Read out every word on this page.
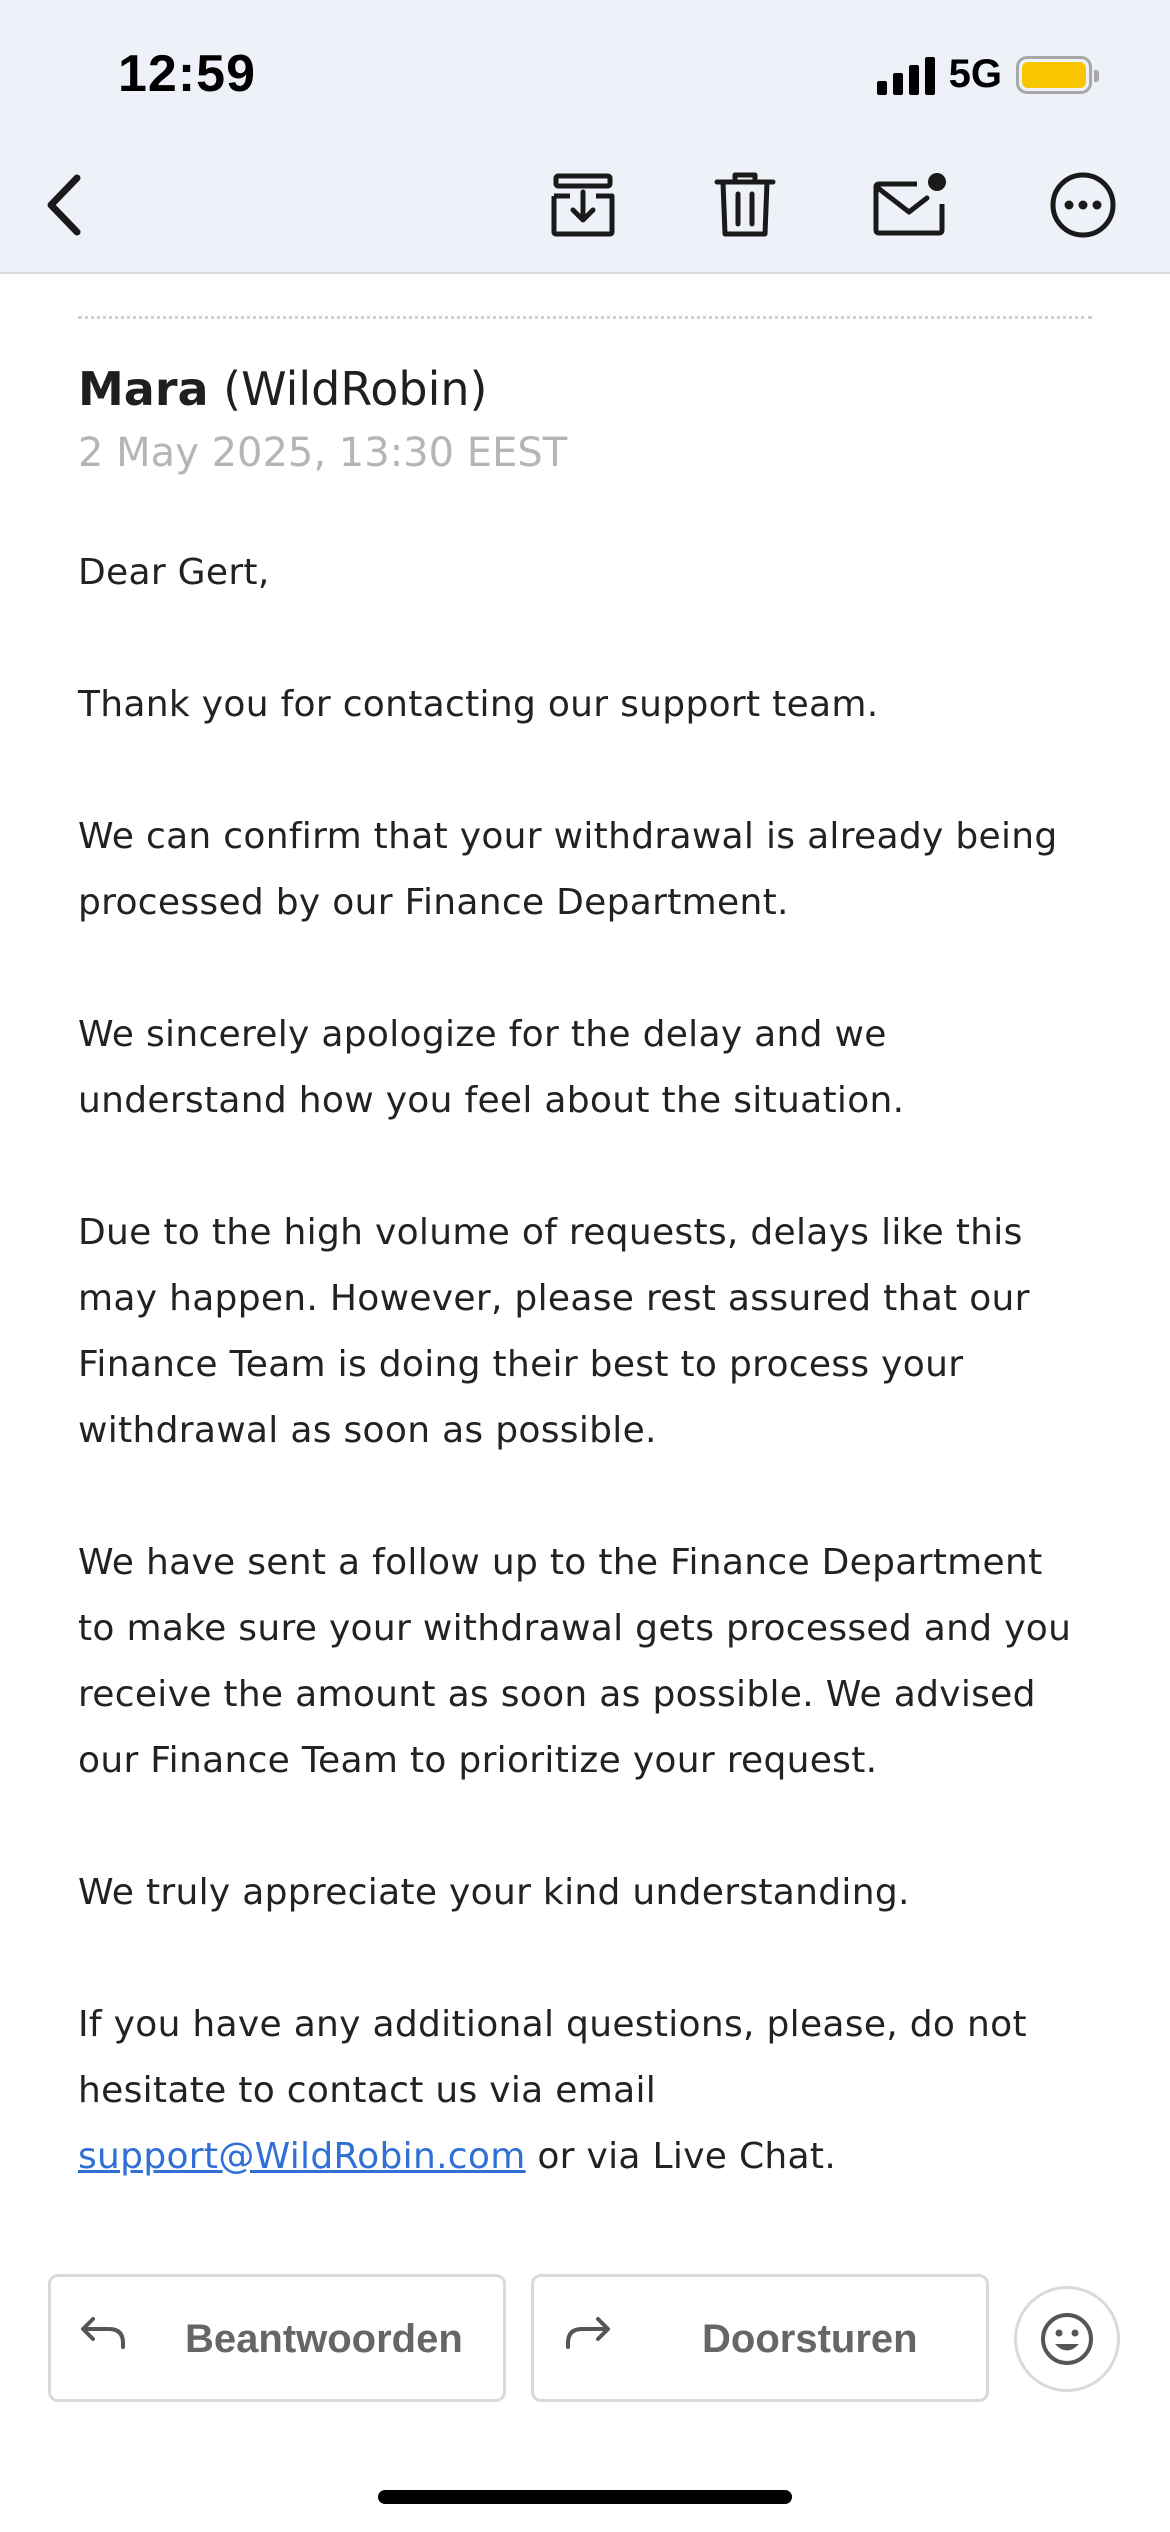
12:59	5G
Mara (WildRobin)
2 May 2025, 13:30 EEST

Dear Gert,

Thank you for contacting our support team.

We can confirm that your withdrawal is already being
processed by our Finance Department.

We sincerely apologize for the delay and we
understand how you feel about the situation.

Due to the high volume of requests, delays like this
may happen. However, please rest assured that our
Finance Team is doing their best to process your
withdrawal as soon as possible.

We have sent a follow up to the Finance Department
to make sure your withdrawal gets processed and you
receive the amount as soon as possible. We advised
our Finance Team to prioritize your request.

We truly appreciate your kind understanding.

If you have any additional questions, please, do not
hesitate to contact us via email
support@WildRobin.com or via Live Chat.

Beantwoorden	Doorsturen
